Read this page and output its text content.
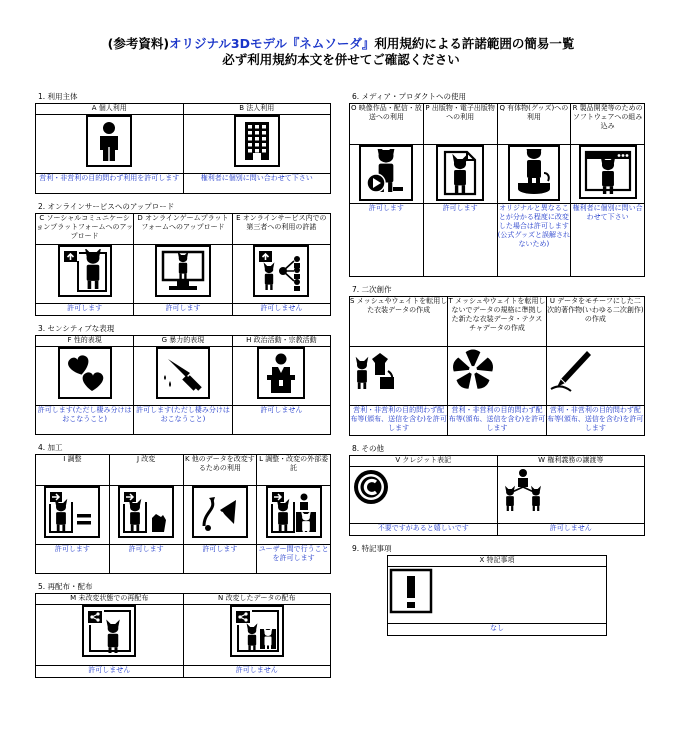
(参考資料)オリジナル3Dモデル『ネムソーダ』利用規約による許諾範囲の簡易一覧
必ず利用規約本文を併せてご確認ください
1. 利用主体
A 個人利用	B 法人利用

営利・非営利の目的問わず利用を許可します	権利者に個別に問い合わせて下さい
2. オンラインサービスへのアップロード
C ソーシャルコミュニケーションプラットフォームへのアップロード	D オンラインゲームプラットフォームへのアップロード	E オンラインサービス内での第三者への利用の許諾

許可します	許可します	許可しません
3. センシティブな表現
F 性的表現	G 暴力的表現	H 政治活動・宗教活動

許可します(ただし棲み分けはおこなうこと)	許可します(ただし棲み分けはおこなうこと)	許可しません
4. 加工
I 調整	J 改変	K 他のデータを改変するための利用	L 調整・改変の外部委託

許可します	許可します	許可します	ユーザー間で行うことを許可します
5. 再配布・配布
M 未改変状態での再配布	N 改変したデータの配布

許可しません	許可しません
6. メディア・プロダクトへの使用
O 映像作品・配信・放送への利用	P 出版物・電子出版物への利用	Q 有体物(グッズ)への利用	R 製品開発等のためのソフトウェアへの組み込み

許可します	許可します	オリジナルと異なることが分かる程度に改変した場合は許可します(公式グッズと誤解されないため)	権利者に個別に問い合わせて下さい
7. 二次創作
S メッシュやウェイトを転用した衣装データの作成	T メッシュやウェイトを転用しないでデータの規格に準拠した新たな衣装データ・テクスチャデータの作成	U データをモチーフにした二次的著作物(いわゆる二次創作)の作成

営利・非営利の目的問わず配布等(頒布、送信を含む)を許可します	営利・非営利の目的問わず配布等(頒布、送信を含む)を許可します	営利・非営利の目的問わず配布等(頒布、送信を含む)を許可します
8. その他
V クレジット表記	W 権利義務の譲渡等

不要ですがあると嬉しいです	許可しません
9. 特記事項
X 特記事項

なし
